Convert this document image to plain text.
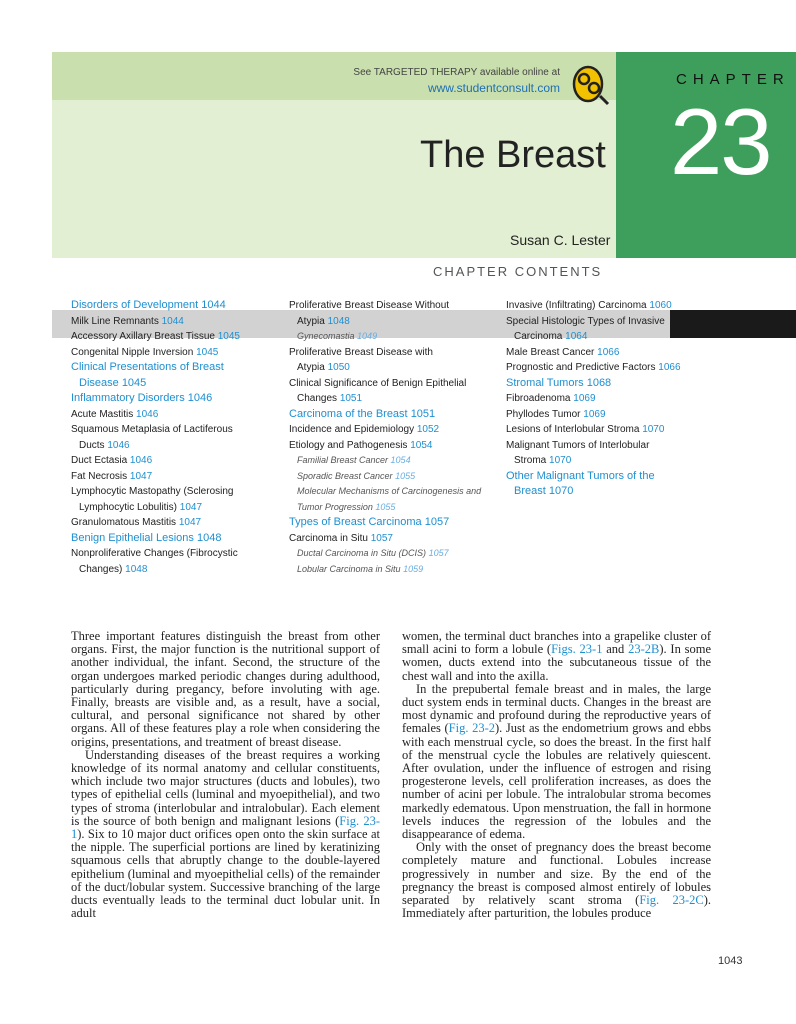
CHAPTER
23
See TARGETED THERAPY available online at
www.studentconsult.com
The Breast
Susan C. Lester
CHAPTER CONTENTS
Disorders of Development 1044
Milk Line Remnants 1044
Accessory Axillary Breast Tissue 1045
Congenital Nipple Inversion 1045
Clinical Presentations of Breast
Disease 1045
Inflammatory Disorders 1046
Acute Mastitis 1046
Squamous Metaplasia of Lactiferous
Ducts 1046
Duct Ectasia 1046
Fat Necrosis 1047
Lymphocytic Mastopathy (Sclerosing
Lymphocytic Lobulitis) 1047
Granulomatous Mastitis 1047
Benign Epithelial Lesions 1048
Nonproliferative Changes (Fibrocystic
Changes) 1048
Proliferative Breast Disease Without
Atypia 1048
Gynecomastia 1049
Proliferative Breast Disease with
Atypia 1050
Clinical Significance of Benign Epithelial
Changes 1051
Carcinoma of the Breast 1051
Incidence and Epidemiology 1052
Etiology and Pathogenesis 1054
Familial Breast Cancer 1054
Sporadic Breast Cancer 1055
Molecular Mechanisms of Carcinogenesis and
Tumor Progression 1055
Types of Breast Carcinoma 1057
Carcinoma in Situ 1057
Ductal Carcinoma in Situ (DCIS) 1057
Lobular Carcinoma in Situ 1059
Invasive (Infiltrating) Carcinoma 1060
Special Histologic Types of Invasive
Carcinoma 1064
Male Breast Cancer 1066
Prognostic and Predictive Factors 1066
Stromal Tumors 1068
Fibroadenoma 1069
Phyllodes Tumor 1069
Lesions of Interlobular Stroma 1070
Malignant Tumors of Interlobular
Stroma 1070
Other Malignant Tumors of the
Breast 1070

Three important features distinguish the breast from other organs. First, the major function is the nutritional support of another individual, the infant. Second, the structure of the organ undergoes marked periodic changes during adulthood, particularly during pregancy, before involuting with age. Finally, breasts are visible and, as a result, have a social, cultural, and personal significance not shared by other organs. All of these features play a role when considering the origins, presentations, and treatment of breast disease.

Understanding diseases of the breast requires a working knowledge of its normal anatomy and cellular constituents, which include two major structures (ducts and lobules), two types of epithelial cells (luminal and myoepithelial), and two types of stroma (interlobular and intralobular). Each element is the source of both benign and malignant lesions (Fig. 23-1). Six to 10 major duct orifices open onto the skin surface at the nipple. The superficial portions are lined by keratinizing squamous cells that abruptly change to the double-layered epithelium (luminal and myoepithelial cells) of the remainder of the duct/lobular system. Successive branching of the large ducts eventually leads to the terminal duct lobular unit. In adult

women, the terminal duct branches into a grapelike cluster of small acini to form a lobule (Figs. 23-1 and 23-2B). In some women, ducts extend into the subcutaneous tissue of the chest wall and into the axilla.

In the prepubertal female breast and in males, the large duct system ends in terminal ducts. Changes in the breast are most dynamic and profound during the reproductive years of females (Fig. 23-2). Just as the endometrium grows and ebbs with each menstrual cycle, so does the breast. In the first half of the menstrual cycle the lobules are relatively quiescent. After ovulation, under the influence of estrogen and rising progesterone levels, cell proliferation increases, as does the number of acini per lobule. The intralobular stroma becomes markedly edematous. Upon menstruation, the fall in hormone levels induces the regression of the lobules and the disappearance of edema.

Only with the onset of pregnancy does the breast become completely mature and functional. Lobules increase progressively in number and size. By the end of the pregnancy the breast is composed almost entirely of lobules separated by relatively scant stroma (Fig. 23-2C). Immediately after parturition, the lobules produce

1043
